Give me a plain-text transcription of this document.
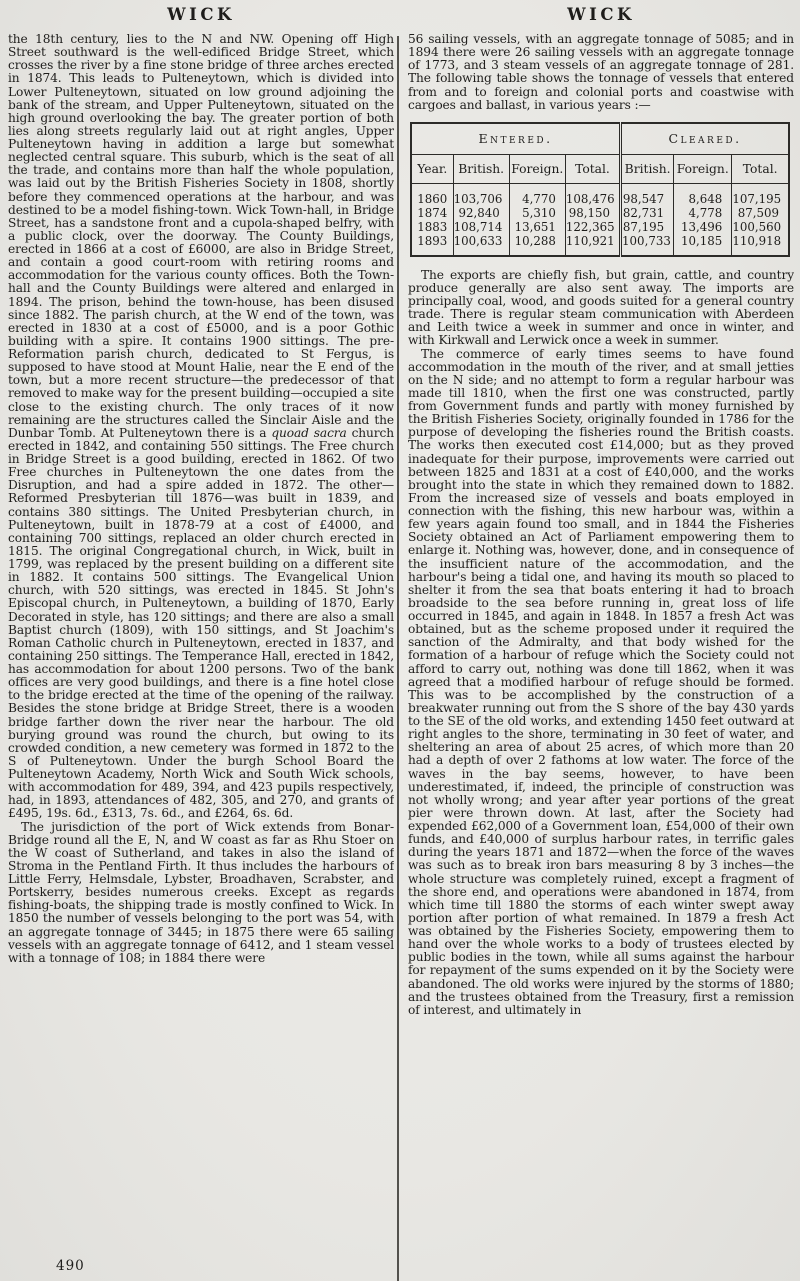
WICK

the 18th century, lies to the N and NW. Opening off High Street southward is the well-edificed Bridge Street, which crosses the river by a fine stone bridge of three arches erected in 1874. This leads to Pulteneytown, which is divided into Lower Pulteneytown, situated on low ground adjoining the bank of the stream, and Upper Pulteneytown, situated on the high ground overlooking the bay. The greater portion of both lies along streets regularly laid out at right angles, Upper Pulteneytown having in addition a large but somewhat neglected central square. This suburb, which is the seat of all the trade, and contains more than half the whole population, was laid out by the British Fisheries Society in 1808, shortly before they commenced operations at the harbour, and was destined to be a model fishing-town. Wick Town-hall, in Bridge Street, has a sandstone front and a cupola-shaped belfry, with a public clock, over the doorway. The County Buildings, erected in 1866 at a cost of £6000, are also in Bridge Street, and contain a good court-room with retiring rooms and accommodation for the various county offices. Both the Town-hall and the County Buildings were altered and enlarged in 1894. The prison, behind the town-house, has been disused since 1882. The parish church, at the W end of the town, was erected in 1830 at a cost of £5000, and is a poor Gothic building with a spire. It contains 1900 sittings. The pre-Reformation parish church, dedicated to St Fergus, is supposed to have stood at Mount Halie, near the E end of the town, but a more recent structure—the predecessor of that removed to make way for the present building—occupied a site close to the existing church. The only traces of it now remaining are the structures called the Sinclair Aisle and the Dunbar Tomb. At Pulteneytown there is a quoad sacra church erected in 1842, and containing 550 sittings. The Free church in Bridge Street is a good building, erected in 1862. Of two Free churches in Pulteneytown the one dates from the Disruption, and had a spire added in 1872. The other—Reformed Presbyterian till 1876—was built in 1839, and contains 380 sittings. The United Presbyterian church, in Pulteneytown, built in 1878-79 at a cost of £4000, and containing 700 sittings, replaced an older church erected in 1815. The original Congregational church, in Wick, built in 1799, was replaced by the present building on a different site in 1882. It contains 500 sittings. The Evangelical Union church, with 520 sittings, was erected in 1845. St John's Episcopal church, in Pulteneytown, a building of 1870, Early Decorated in style, has 120 sittings; and there are also a small Baptist church (1809), with 150 sittings, and St Joachim's Roman Catholic church in Pulteneytown, erected in 1837, and containing 250 sittings. The Temperance Hall, erected in 1842, has accommodation for about 1200 persons. Two of the bank offices are very good buildings, and there is a fine hotel close to the bridge erected at the time of the opening of the railway. Besides the stone bridge at Bridge Street, there is a wooden bridge farther down the river near the harbour. The old burying ground was round the church, but owing to its crowded condition, a new cemetery was formed in 1872 to the S of Pulteneytown. Under the burgh School Board the Pulteneytown Academy, North Wick and South Wick schools, with accommodation for 489, 394, and 423 pupils respectively, had, in 1893, attendances of 482, 305, and 270, and grants of £495, 19s. 6d., £313, 7s. 6d., and £264, 6s. 6d.

The jurisdiction of the port of Wick extends from Bonar-Bridge round all the E, N, and W coast as far as Rhu Stoer on the W coast of Sutherland, and takes in also the island of Stroma in the Pentland Firth. It thus includes the harbours of Little Ferry, Helmsdale, Lybster, Broadhaven, Scrabster, and Portskerry, besides numerous creeks. Except as regards fishing-boats, the shipping trade is mostly confined to Wick. In 1850 the number of vessels belonging to the port was 54, with an aggregate tonnage of 3445; in 1875 there were 65 sailing vessels with an aggregate tonnage of 6412, and 1 steam vessel with a tonnage of 108; in 1884 there were

WICK

56 sailing vessels, with an aggregate tonnage of 5085; and in 1894 there were 26 sailing vessels with an aggregate tonnage of 1773, and 3 steam vessels of an aggregate tonnage of 281. The following table shows the tonnage of vessels that entered from and to foreign and colonial ports and coastwise with cargoes and ballast, in various years :—

Entered.				Cleared.		
Year.	British.	Foreign.	Total.	British.	Foreign.	Total.
1860	103,706	4,770	108,476	98,547	8,648	107,195
1874	92,840	5,310	98,150	82,731	4,778	87,509
1883	108,714	13,651	122,365	87,195	13,496	100,560
1893	100,633	10,288	110,921	100,733	10,185	110,918

The exports are chiefly fish, but grain, cattle, and country produce generally are also sent away. The imports are principally coal, wood, and goods suited for a general country trade. There is regular steam communication with Aberdeen and Leith twice a week in summer and once in winter, and with Kirkwall and Lerwick once a week in summer.

The commerce of early times seems to have found accommodation in the mouth of the river, and at small jetties on the N side; and no attempt to form a regular harbour was made till 1810, when the first one was constructed, partly from Government funds and partly with money furnished by the British Fisheries Society, originally founded in 1786 for the purpose of developing the fisheries round the British coasts. The works then executed cost £14,000; but as they proved inadequate for their purpose, improvements were carried out between 1825 and 1831 at a cost of £40,000, and the works brought into the state in which they remained down to 1882. From the increased size of vessels and boats employed in connection with the fishing, this new harbour was, within a few years again found too small, and in 1844 the Fisheries Society obtained an Act of Parliament empowering them to enlarge it. Nothing was, however, done, and in consequence of the insufficient nature of the accommodation, and the harbour's being a tidal one, and having its mouth so placed to shelter it from the sea that boats entering it had to broach broadside to the sea before running in, great loss of life occurred in 1845, and again in 1848. In 1857 a fresh Act was obtained, but as the scheme proposed under it required the sanction of the Admiralty, and that body wished for the formation of a harbour of refuge which the Society could not afford to carry out, nothing was done till 1862, when it was agreed that a modified harbour of refuge should be formed. This was to be accomplished by the construction of a breakwater running out from the S shore of the bay 430 yards to the SE of the old works, and extending 1450 feet outward at right angles to the shore, terminating in 30 feet of water, and sheltering an area of about 25 acres, of which more than 20 had a depth of over 2 fathoms at low water. The force of the waves in the bay seems, however, to have been underestimated, if, indeed, the principle of construction was not wholly wrong; and year after year portions of the great pier were thrown down. At last, after the Society had expended £62,000 of a Government loan, £54,000 of their own funds, and £40,000 of surplus harbour rates, in terrific gales during the years 1871 and 1872—when the force of the waves was such as to break iron bars measuring 8 by 3 inches—the whole structure was completely ruined, except a fragment of the shore end, and operations were abandoned in 1874, from which time till 1880 the storms of each winter swept away portion after portion of what remained. In 1879 a fresh Act was obtained by the Fisheries Society, empowering them to hand over the whole works to a body of trustees elected by public bodies in the town, while all sums against the harbour for repayment of the sums expended on it by the Society were abandoned. The old works were injured by the storms of 1880; and the trustees obtained from the Treasury, first a remission of interest, and ultimately in

490
